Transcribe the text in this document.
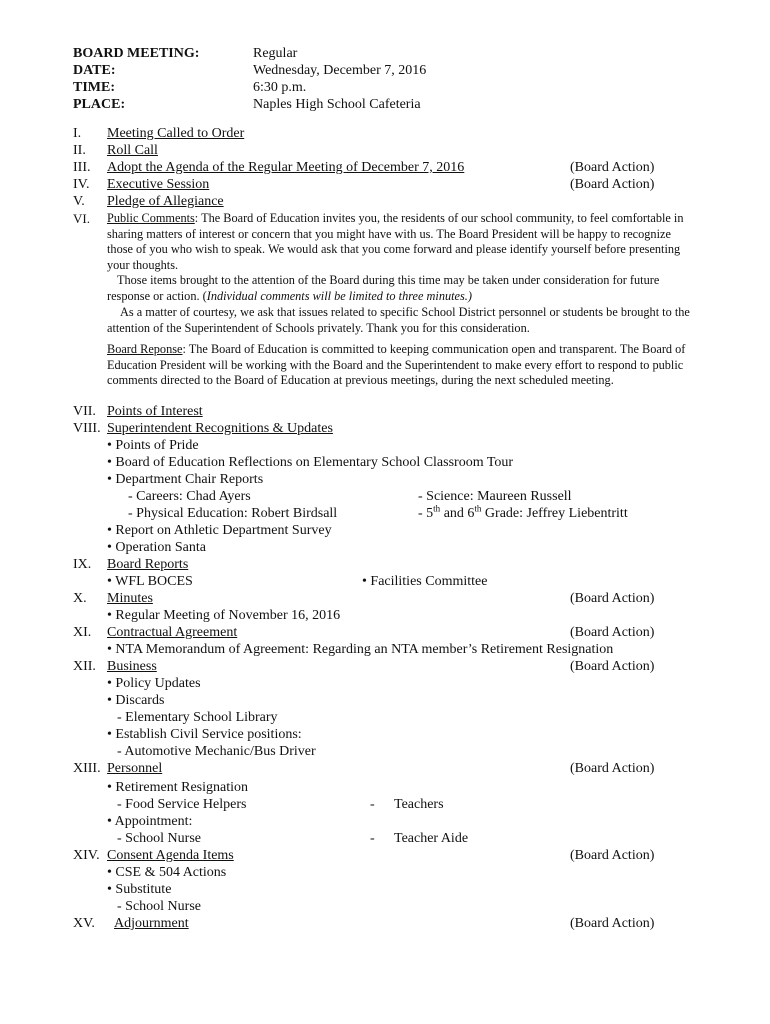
BOARD MEETING:	Regular
DATE:	Wednesday, December 7, 2016
TIME:	6:30 p.m.
PLACE:	Naples High School Cafeteria
I. Meeting Called to Order
II. Roll Call
III. Adopt the Agenda of the Regular Meeting of December 7, 2016	(Board Action)
IV. Executive Session	(Board Action)
V. Pledge of Allegiance
VI. Public Comments: The Board of Education invites you, the residents of our school community, to feel comfortable in sharing matters of interest or concern that you might have with us. The Board President will be happy to recognize those of you who wish to speak. We would ask that you come forward and please identify yourself before presenting your thoughts.
Those items brought to the attention of the Board during this time may be taken under consideration for future response or action. (Individual comments will be limited to three minutes.)
As a matter of courtesy, we ask that issues related to specific School District personnel or students be brought to the attention of the Superintendent of Schools privately. Thank you for this consideration.
Board Reponse: The Board of Education is committed to keeping communication open and transparent. The Board of Education President will be working with the Board and the Superintendent to make every effort to respond to public comments directed to the Board of Education at previous meetings, during the next scheduled meeting.
VII. Points of Interest
VIII. Superintendent Recognitions & Updates
• Points of Pride
• Board of Education Reflections on Elementary School Classroom Tour
• Department Chair Reports
- Careers: Chad Ayers	- Science: Maureen Russell
- Physical Education: Robert Birdsall	- 5th and 6th Grade: Jeffrey Liebentritt
• Report on Athletic Department Survey
• Operation Santa
IX. Board Reports
• WFL BOCES	• Facilities Committee
X. Minutes	(Board Action)
• Regular Meeting of November 16, 2016
XI. Contractual Agreement	(Board Action)
• NTA Memorandum of Agreement: Regarding an NTA member’s Retirement Resignation
XII. Business	(Board Action)
• Policy Updates
• Discards
- Elementary School Library
• Establish Civil Service positions:
- Automotive Mechanic/Bus Driver
XIII. Personnel	(Board Action)
• Retirement Resignation
- Food Service Helpers	- Teachers
• Appointment:
- School Nurse	- Teacher Aide
XIV. Consent Agenda Items	(Board Action)
• CSE & 504 Actions
• Substitute
- School Nurse
XV. Adjournment	(Board Action)
